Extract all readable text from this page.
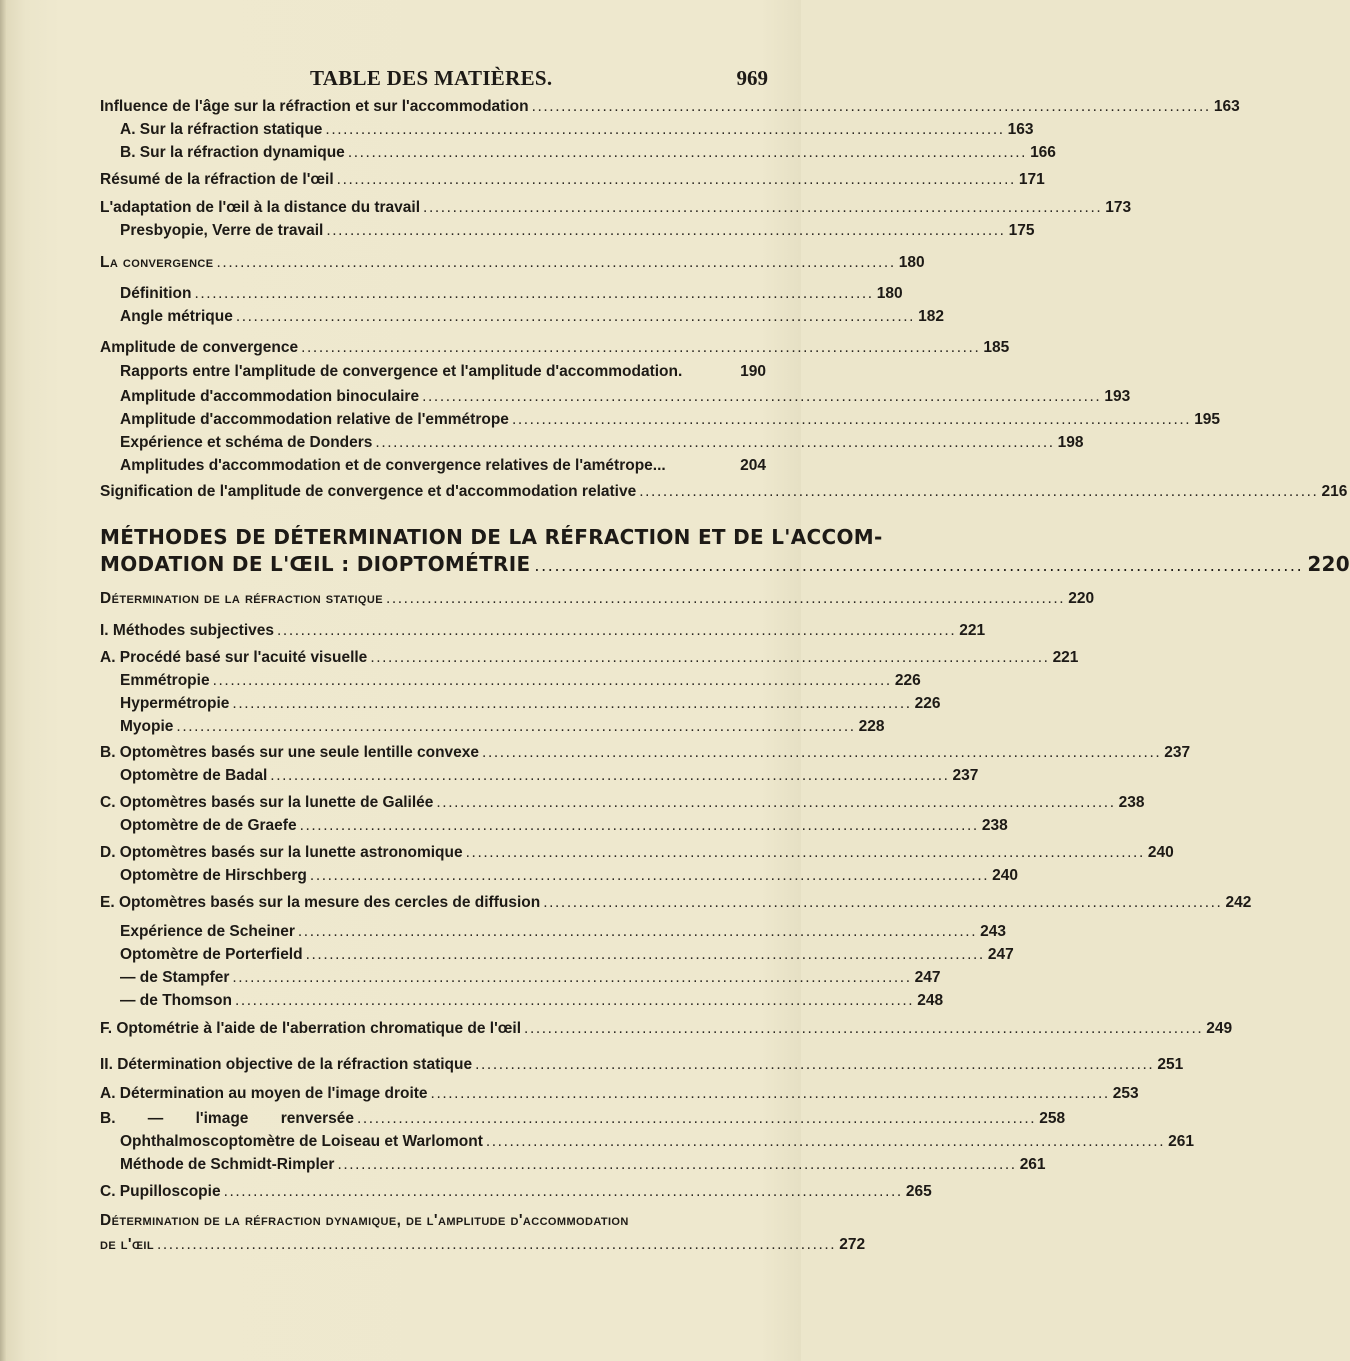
TABLE DES MATIÈRES.	969
Influence de l'âge sur la réfraction et sur l'accommodation ................................................................................................................... 163
A. Sur la réfraction statique ................................................................................................................... 163
B. Sur la réfraction dynamique ................................................................................................................... 166
Résumé de la réfraction de l'œil ................................................................................................................... 171
L'adaptation de l'œil à la distance du travail ................................................................................................................... 173
Presbyopie, Verre de travail ................................................................................................................... 175
La convergence ................................................................................................................... 180
Définition ................................................................................................................... 180
Angle métrique ................................................................................................................... 182
Amplitude de convergence ................................................................................................................... 185
Rapports entre l'amplitude de convergence et l'amplitude d'accommodation.	190
Amplitude d'accommodation binoculaire ................................................................................................................... 193
Amplitude d'accommodation relative de l'emmétrope ................................................................................................................... 195
Expérience et schéma de Donders ................................................................................................................... 198
Amplitudes d'accommodation et de convergence relatives de l'amétrope...	204
Signification de l'amplitude de convergence et d'accommodation relative ................................................................................................................... 216
MÉTHODES DE DÉTERMINATION DE LA RÉFRACTION ET DE L'ACCOM-
MODATION DE L'ŒIL : DIOPTOMÉTRIE ................................................................................................................... 220
Détermination de la réfraction statique ................................................................................................................... 220
I. Méthodes subjectives ................................................................................................................... 221
A. Procédé basé sur l'acuité visuelle ................................................................................................................... 221
Emmétropie ................................................................................................................... 226
Hypermétropie ................................................................................................................... 226
Myopie ................................................................................................................... 228
B. Optomètres basés sur une seule lentille convexe ................................................................................................................... 237
Optomètre de Badal ................................................................................................................... 237
C. Optomètres basés sur la lunette de Galilée ................................................................................................................... 238
Optomètre de de Graefe ................................................................................................................... 238
D. Optomètres basés sur la lunette astronomique ................................................................................................................... 240
Optomètre de Hirschberg ................................................................................................................... 240
E. Optomètres basés sur la mesure des cercles de diffusion ................................................................................................................... 242
Expérience de Scheiner ................................................................................................................... 243
Optomètre de Porterfield ................................................................................................................... 247
— de Stampfer ................................................................................................................... 247
— de Thomson ................................................................................................................... 248
F. Optométrie à l'aide de l'aberration chromatique de l'œil ................................................................................................................... 249
II. Détermination objective de la réfraction statique ................................................................................................................... 251
A. Détermination au moyen de l'image droite ................................................................................................................... 253
B. — l'image renversée ................................................................................................................... 258
Ophthalmoscoptomètre de Loiseau et Warlomont ................................................................................................................... 261
Méthode de Schmidt-Rimpler ................................................................................................................... 261
C. Pupilloscopie ................................................................................................................... 265
Détermination de la réfraction dynamique, de l'amplitude d'accommodation
de l'œil ................................................................................................................... 272
